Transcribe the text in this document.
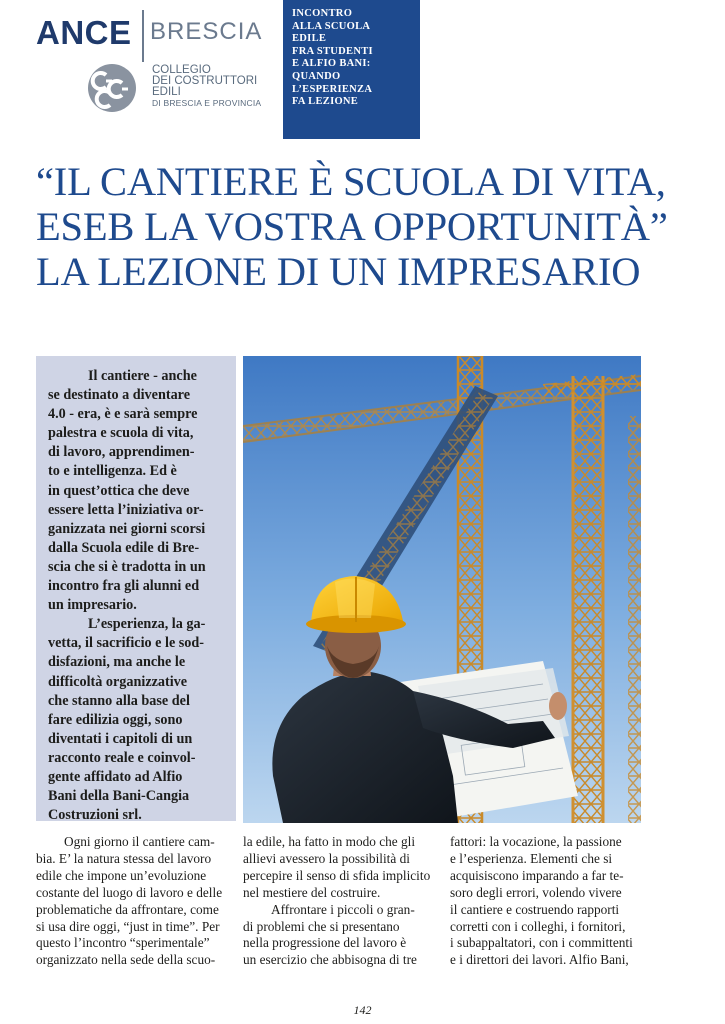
ANCE BRESCIA
COLLEGIO
DEI COSTRUTTORI
EDILI
DI BRESCIA E PROVINCIA
INCONTRO
ALLA SCUOLA
EDILE
FRA STUDENTI
E ALFIO BANI:
QUANDO
L’ESPERIENZA
FA LEZIONE
“IL CANTIERE È SCUOLA DI VITA,
ESEB LA VOSTRA OPPORTUNITÀ”
LA LEZIONE DI UN IMPRESARIO
Il cantiere - anche
se destinato a diventare
4.0 - era, è e sarà sempre
palestra e scuola di vita,
di lavoro, apprendimen-
to e intelligenza. Ed è
in quest’ottica che deve
essere letta l’iniziativa or-
ganizzata nei giorni scorsi
dalla Scuola edile di Bre-
scia che si è tradotta in un
incontro fra gli alunni ed
un impresario.
L’esperienza, la ga-
vetta, il sacrificio e le sod-
disfazioni, ma anche le
difficoltà organizzative
che stanno alla base del
fare edilizia oggi, sono
diventati i capitoli di un
racconto reale e coinvol-
gente affidato ad Alfio
Bani della Bani-Cangia
Costruzioni srl.
Ogni giorno il cantiere cam-
bia. E’ la natura stessa del lavoro
edile che impone un’evoluzione
costante del luogo di lavoro e delle
problematiche da affrontare, come
si usa dire oggi, “just in time”. Per
questo l’incontro “sperimentale”
organizzato nella sede della scuo-
la edile, ha fatto in modo che gli
allievi avessero la possibilità di
percepire il senso di sfida implicito
nel mestiere del costruire.
Affrontare i piccoli o gran-
di problemi che si presentano
nella progressione del lavoro è
un esercizio che abbisogna di tre
fattori: la vocazione, la passione
e l’esperienza. Elementi che si
acquisiscono imparando a far te-
soro degli errori, volendo vivere
il cantiere e costruendo rapporti
corretti con i colleghi, i fornitori,
i subappaltatori, con i committenti
e i direttori dei lavori. Alfio Bani,
142
